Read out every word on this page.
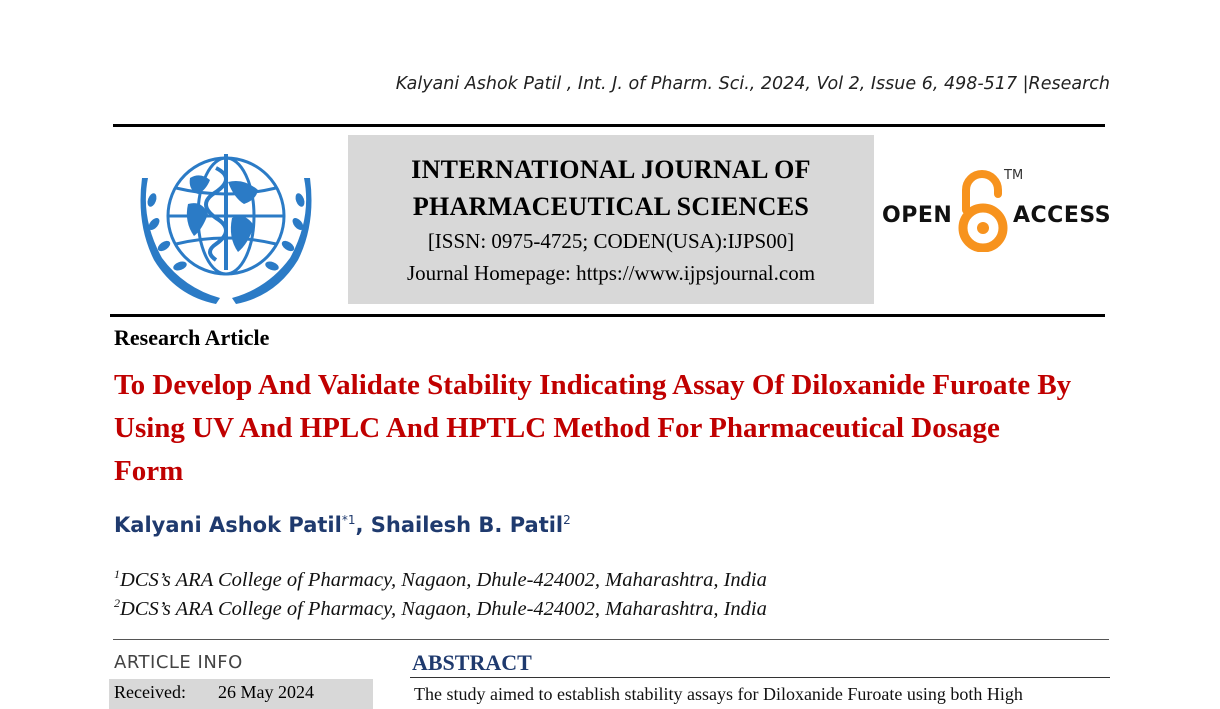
Kalyani Ashok Patil , Int. J. of Pharm. Sci., 2024, Vol 2, Issue 6, 498-517 |Research
INTERNATIONAL JOURNAL OF
PHARMACEUTICAL SCIENCES
[ISSN: 0975-4725; CODEN(USA):IJPS00]
Journal Homepage: https://www.ijpsjournal.com
OPEN
TM
ACCESS
Research Article
To Develop And Validate Stability Indicating Assay Of Diloxanide Furoate By Using UV And HPLC And HPTLC Method For Pharmaceutical Dosage Form
Kalyani Ashok Patil$^{*1}$, Shailesh B. Patil$^2$
$^1$DCS’s ARA College of Pharmacy, Nagaon, Dhule-424002, Maharashtra, India
$^2$DCS’s ARA College of Pharmacy, Nagaon, Dhule-424002, Maharashtra, India
ARTICLE INFO	ABSTRACT
Received: 26 May 2024	The study aimed to establish stability assays for Diloxanide Furoate using both High
